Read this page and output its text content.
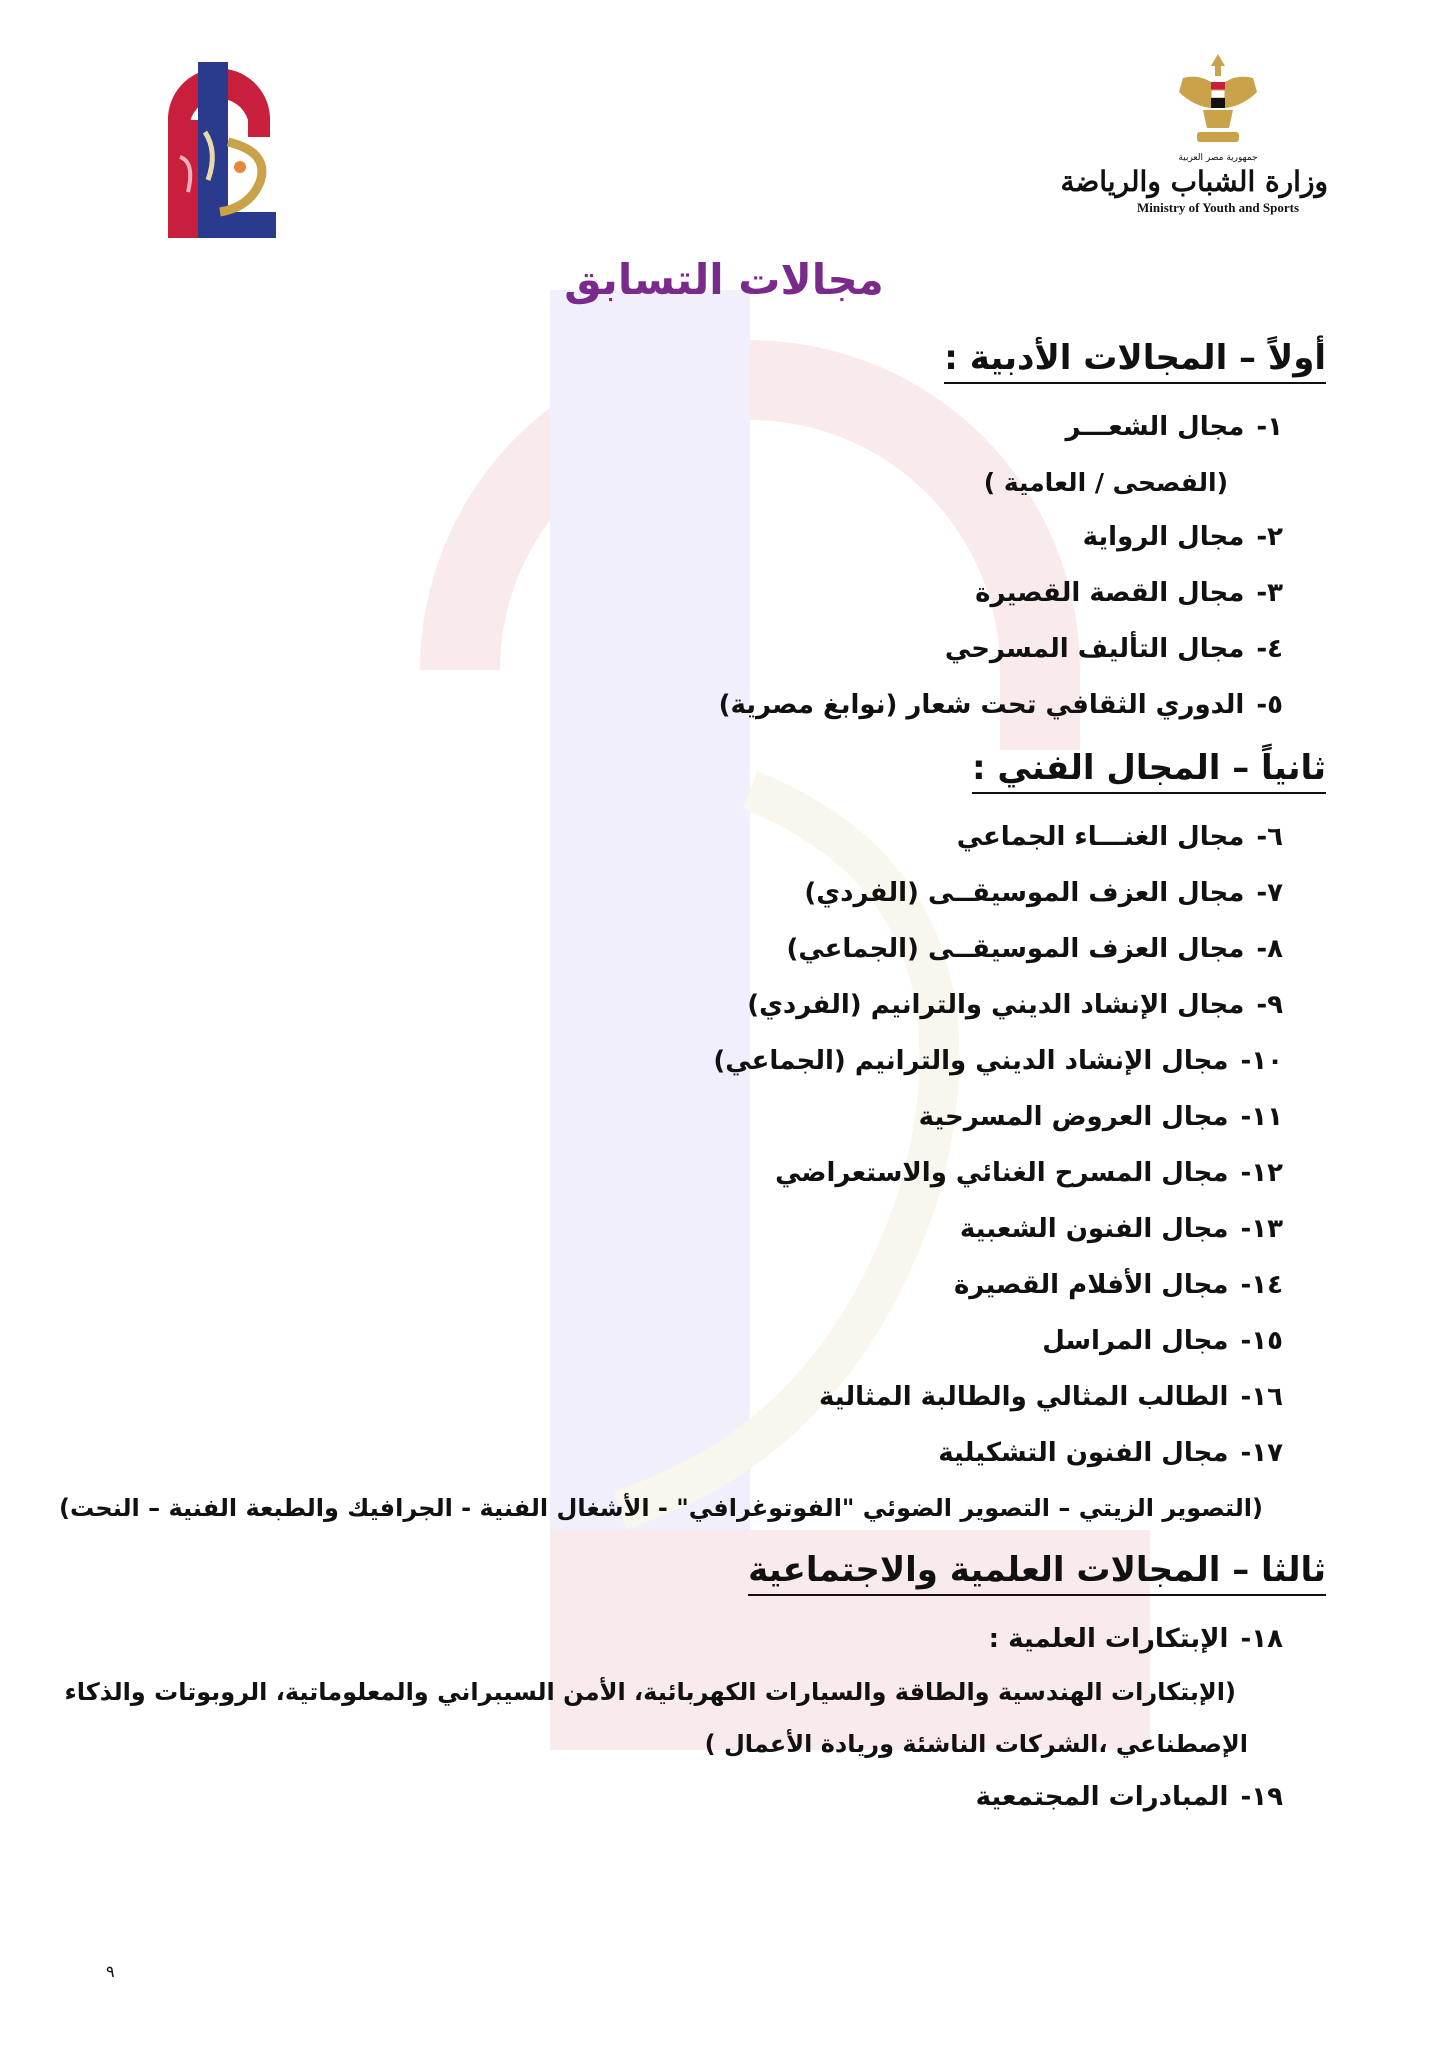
جمهورية مصر العربية
وزارة الشباب والرياضة
Ministry of Youth and Sports
مجالات التسابق
أولاً – المجالات الأدبية :
١-مجال الشعـــر
(الفصحى / العامية )
٢-مجال الرواية
٣-مجال القصة القصيرة
٤-مجال التأليف المسرحي
٥-الدوري الثقافي تحت شعار (نوابغ مصرية)
ثانياً – المجال الفني :
٦-مجال الغنـــاء الجماعي
٧-مجال العزف الموسيقــى (الفردي)
٨-مجال العزف الموسيقــى (الجماعي)
٩-مجال الإنشاد الديني والترانيم (الفردي)
١٠-مجال الإنشاد الديني والترانيم (الجماعي)
١١-مجال العروض المسرحية
١٢-مجال المسرح الغنائي والاستعراضي
١٣-مجال الفنون الشعبية
١٤-مجال الأفلام القصيرة
١٥-مجال المراسل
١٦-الطالب المثالي والطالبة المثالية
١٧-مجال الفنون التشكيلية
(التصوير الزيتي – التصوير الضوئي "الفوتوغرافي" - الأشغال الفنية - الجرافيك والطبعة الفنية – النحت)
ثالثا – المجالات العلمية والاجتماعية
١٨-الإبتكارات العلمية :
(الإبتكارات الهندسية والطاقة والسيارات الكهربائية، الأمن السيبراني والمعلوماتية، الروبوتات والذكاء
الإصطناعي ،الشركات الناشئة وريادة الأعمال )
١٩-المبادرات المجتمعية
٩
